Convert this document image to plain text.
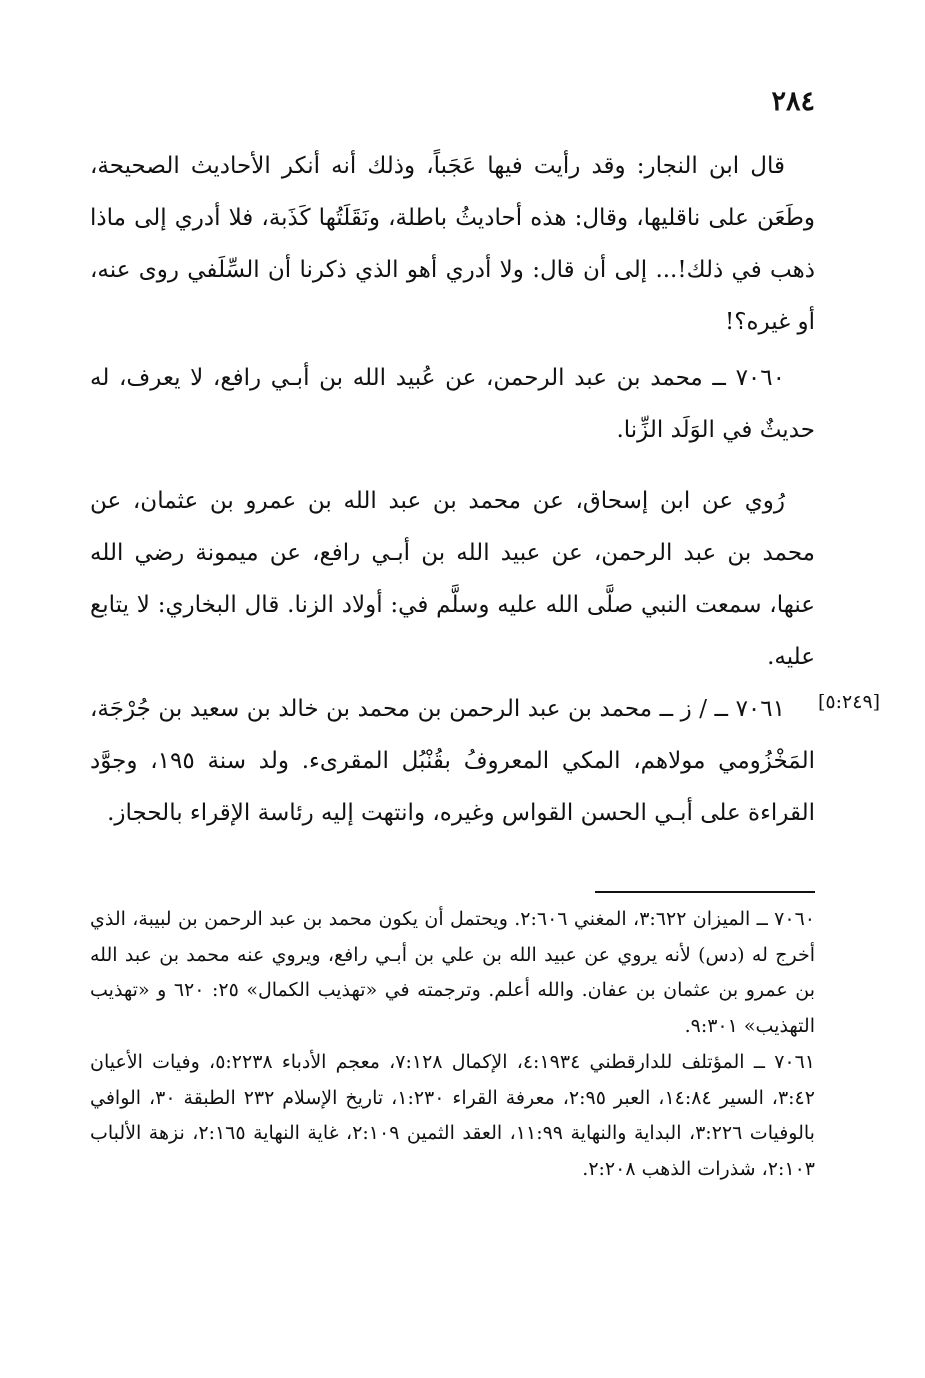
٢٨٤

قال ابن النجار: وقد رأيت فيها عَجَباً، وذلك أنه أنكر الأحاديث الصحيحة، وطَعَن على ناقليها، وقال: هذه أحاديثُ باطلة، ونَقَلَتُها كَذَبة، فلا أدري إلى ماذا ذهب في ذلك!... إلى أن قال: ولا أدري أهو الذي ذكرنا أن السِّلَفي روى عنه، أو غيره؟!

٧٠٦٠ ــ محمد بن عبد الرحمن، عن عُبيد الله بن أبـي رافع، لا يعرف، له حديثٌ في الوَلَد الزِّنا.

رُوي عن ابن إسحاق، عن محمد بن عبد الله بن عمرو بن عثمان، عن محمد بن عبد الرحمن، عن عبيد الله بن أبـي رافع، عن ميمونة رضي الله عنها، سمعت النبي صلَّى الله عليه وسلَّم في: أولاد الزنا. قال البخاري: لا يتابع عليه.

[٥:٢٤٩]

٧٠٦١ ــ / ز ــ محمد بن عبد الرحمن بن محمد بن خالد بن سعيد بن جُرْجَة، المَخْزُومي مولاهم، المكي المعروفُ بقُنْبُل المقرىء. ولد سنة ١٩٥، وجوَّد القراءة على أبـي الحسن القواس وغيره، وانتهت إليه رئاسة الإقراء بالحجاز.

٧٠٦٠ ــ الميزان ٣:٦٢٢، المغني ٢:٦٠٦. ويحتمل أن يكون محمد بن عبد الرحمن بن لبيبة، الذي أخرج له (دس) لأنه يروي عن عبيد الله بن علي بن أبـي رافع، ويروي عنه محمد بن عبد الله بن عمرو بن عثمان بن عفان. والله أعلم. وترجمته في «تهذيب الكمال» ٢٥: ٦٢٠ و «تهذيب التهذيب» ٩:٣٠١.

٧٠٦١ ــ المؤتلف للدارقطني ٤:١٩٣٤، الإكمال ٧:١٢٨، معجم الأدباء ٥:٢٢٣٨، وفيات الأعيان ٣:٤٢، السير ١٤:٨٤، العبر ٢:٩٥، معرفة القراء ١:٢٣٠، تاريخ الإسلام ٢٣٢ الطبقة ٣٠، الوافي بالوفيات ٣:٢٢٦، البداية والنهاية ١١:٩٩، العقد الثمين ٢:١٠٩، غاية النهاية ٢:١٦٥، نزهة الألباب ٢:١٠٣، شذرات الذهب ٢:٢٠٨.
